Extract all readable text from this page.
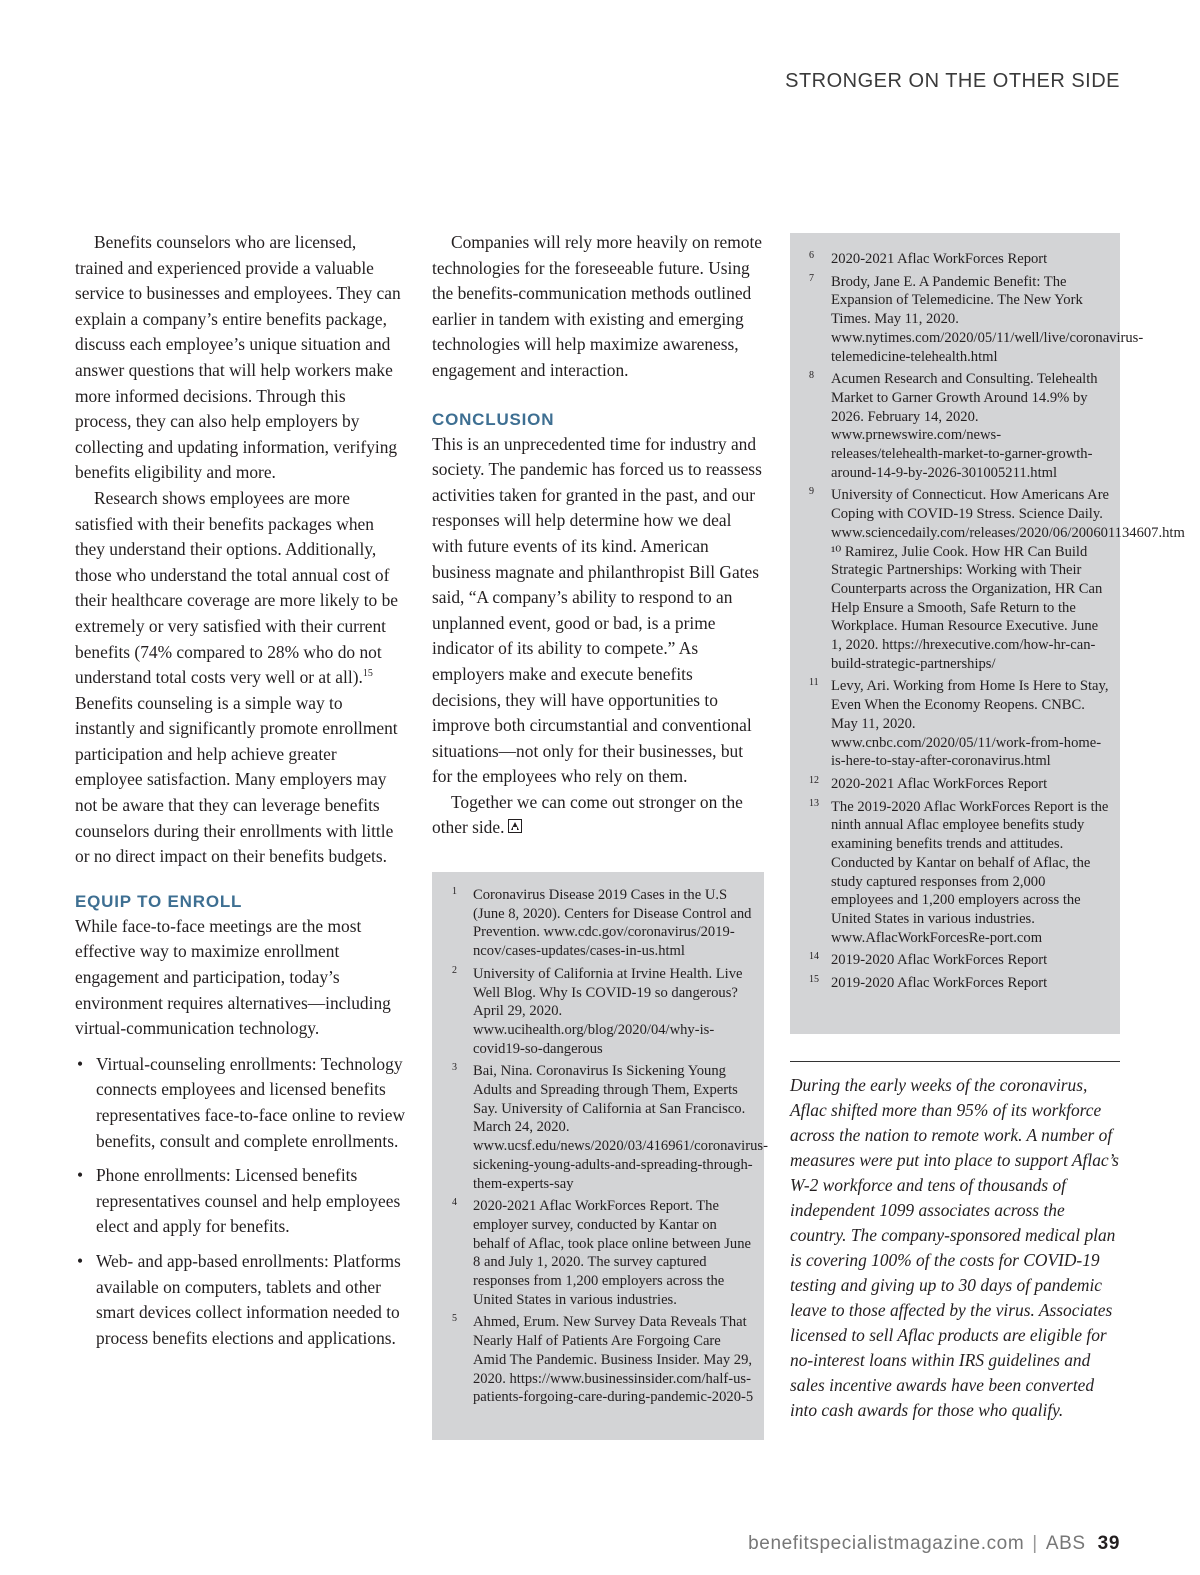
STRONGER ON THE OTHER SIDE

Benefits counselors who are licensed, trained and experienced provide a valuable service to businesses and employees. They can explain a company’s entire benefits package, discuss each employee’s unique situation and answer questions that will help workers make more informed decisions. Through this process, they can also help employers by collecting and updating information, verifying benefits eligibility and more.

Research shows employees are more satisfied with their benefits packages when they understand their options. Additionally, those who understand the total annual cost of their healthcare coverage are more likely to be extremely or very satisfied with their current benefits (74% compared to 28% who do not understand total costs very well or at all).$^{15}$ Benefits counseling is a simple way to instantly and significantly promote enrollment participation and help achieve greater employee satisfaction. Many employers may not be aware that they can leverage benefits counselors during their enrollments with little or no direct impact on their benefits budgets.

EQUIP TO ENROLL

While face-to-face meetings are the most effective way to maximize enrollment engagement and participation, today’s environment requires alternatives—including virtual-communication technology.

• Virtual-counseling enrollments: Technology connects employees and licensed benefits representatives face-to-face online to review benefits, consult and complete enrollments.
• Phone enrollments: Licensed benefits representatives counsel and help employees elect and apply for benefits.
• Web- and app-based enrollments: Platforms available on computers, tablets and other smart devices collect information needed to process benefits elections and applications.

Companies will rely more heavily on remote technologies for the foreseeable future. Using the benefits-communication methods outlined earlier in tandem with existing and emerging technologies will help maximize awareness, engagement and interaction.

CONCLUSION

This is an unprecedented time for industry and society. The pandemic has forced us to reassess activities taken for granted in the past, and our responses will help determine how we deal with future events of its kind. American business magnate and philanthropist Bill Gates said, “A company’s ability to respond to an unplanned event, good or bad, is a prime indicator of its ability to compete.” As employers make and execute benefits decisions, they will have opportunities to improve both circumstantial and conventional situations—not only for their businesses, but for the employees who rely on them.

Together we can come out stronger on the other side.

1 Coronavirus Disease 2019 Cases in the U.S (June 8, 2020). Centers for Disease Control and Prevention. www.cdc.gov/coronavirus/2019-ncov/cases-updates/cases-in-us.html
2 University of California at Irvine Health. Live Well Blog. Why Is COVID-19 so dangerous? April 29, 2020. www.ucihealth.org/blog/2020/04/why-is-covid19-so-dangerous
3 Bai, Nina. Coronavirus Is Sickening Young Adults and Spreading through Them, Experts Say. University of California at San Francisco. March 24, 2020. www.ucsf.edu/news/2020/03/416961/coronavirus-sickening-young-adults-and-spreading-through-them-experts-say
4 2020-2021 Aflac WorkForces Report. The employer survey, conducted by Kantar on behalf of Aflac, took place online between June 8 and July 1, 2020. The survey captured responses from 1,200 employers across the United States in various industries.
5 Ahmed, Erum. New Survey Data Reveals That Nearly Half of Patients Are Forgoing Care Amid The Pandemic. Business Insider. May 29, 2020. https://www.businessinsider.com/half-us-patients-forgoing-care-during-pandemic-2020-5
6 2020-2021 Aflac WorkForces Report
7 Brody, Jane E. A Pandemic Benefit: The Expansion of Telemedicine. The New York Times. May 11, 2020. www.nytimes.com/2020/05/11/well/live/coronavirus-telemedicine-telehealth.html
8 Acumen Research and Consulting. Telehealth Market to Garner Growth Around 14.9% by 2026. February 14, 2020. www.prnewswire.com/news-releases/telehealth-market-to-garner-growth-around-14-9-by-2026-301005211.html
9 University of Connecticut. How Americans Are Coping with COVID-19 Stress. Science Daily. www.sciencedaily.com/releases/2020/06/200601134607.htm ¹⁰ Ramirez, Julie Cook. How HR Can Build Strategic Partnerships: Working with Their Counterparts across the Organization, HR Can Help Ensure a Smooth, Safe Return to the Workplace. Human Resource Executive. June 1, 2020. https://hrexecutive.com/how-hr-can-build-strategic-partnerships/
11 Levy, Ari. Working from Home Is Here to Stay, Even When the Economy Reopens. CNBC. May 11, 2020. www.cnbc.com/2020/05/11/work-from-home-is-here-to-stay-after-coronavirus.html
12 2020-2021 Aflac WorkForces Report
13 The 2019-2020 Aflac WorkForces Report is the ninth annual Aflac employee benefits study examining benefits trends and attitudes. Conducted by Kantar on behalf of Aflac, the study captured responses from 2,000 employees and 1,200 employers across the United States in various industries. www.AflacWorkForcesRe-port.com
14 2019-2020 Aflac WorkForces Report
15 2019-2020 Aflac WorkForces Report

During the early weeks of the coronavirus, Aflac shifted more than 95% of its workforce across the nation to remote work. A number of measures were put into place to support Aflac’s W-2 workforce and tens of thousands of independent 1099 associates across the country. The company-sponsored medical plan is covering 100% of the costs for COVID-19 testing and giving up to 30 days of pandemic leave to those affected by the virus. Associates licensed to sell Aflac products are eligible for no-interest loans within IRS guidelines and sales incentive awards have been converted into cash awards for those who qualify.

benefitspecialistmagazine.com | ABS 39
